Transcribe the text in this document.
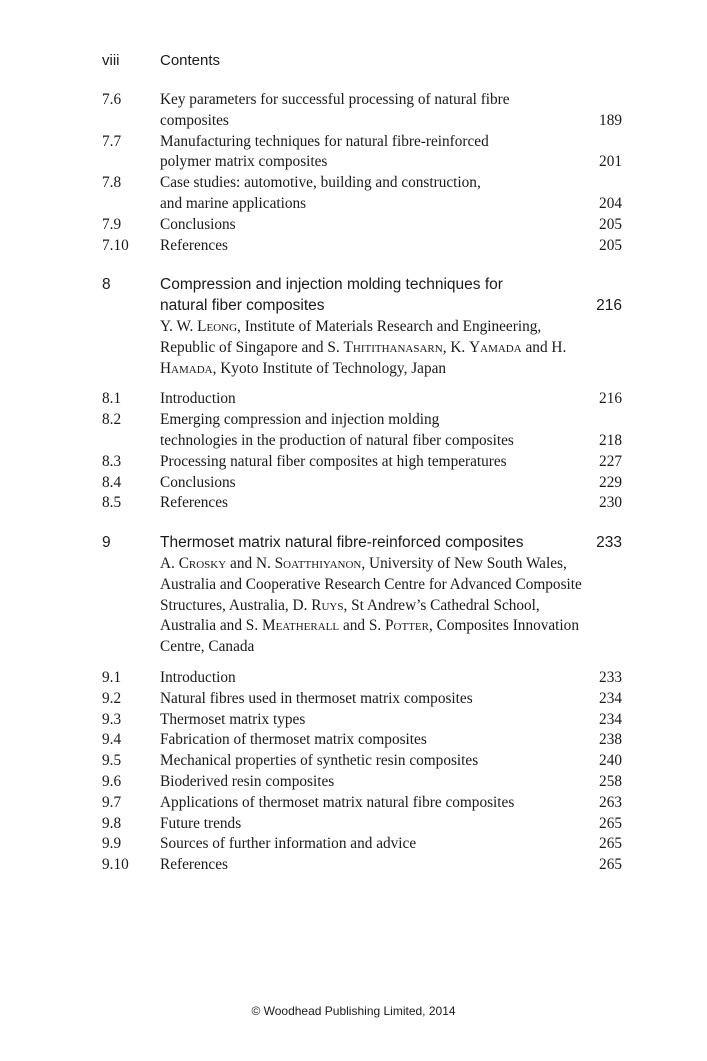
viii	Contents
7.6	Key parameters for successful processing of natural fibre
composites	189
7.7	Manufacturing techniques for natural fibre-reinforced
polymer matrix composites	201
7.8	Case studies: automotive, building and construction,
and marine applications	204
7.9	Conclusions	205
7.10	References	205
8	Compression and injection molding techniques for
natural fiber composites	216
Y. W. Leong, Institute of Materials Research and Engineering, Republic of Singapore and S. Thitithanasarn, K. Yamada and H. Hamada, Kyoto Institute of Technology, Japan
8.1	Introduction	216
8.2	Emerging compression and injection molding
technologies in the production of natural fiber composites	218
8.3	Processing natural fiber composites at high temperatures	227
8.4	Conclusions	229
8.5	References	230
9	Thermoset matrix natural fibre-reinforced composites	233
A. Crosky and N. Soatthiyanon, University of New South Wales, Australia and Cooperative Research Centre for Advanced Composite Structures, Australia, D. Ruys, St Andrew’s Cathedral School, Australia and S. Meatherall and S. Potter, Composites Innovation Centre, Canada
9.1	Introduction	233
9.2	Natural fibres used in thermoset matrix composites	234
9.3	Thermoset matrix types	234
9.4	Fabrication of thermoset matrix composites	238
9.5	Mechanical properties of synthetic resin composites	240
9.6	Bioderived resin composites	258
9.7	Applications of thermoset matrix natural fibre composites	263
9.8	Future trends	265
9.9	Sources of further information and advice	265
9.10	References	265
© Woodhead Publishing Limited, 2014
